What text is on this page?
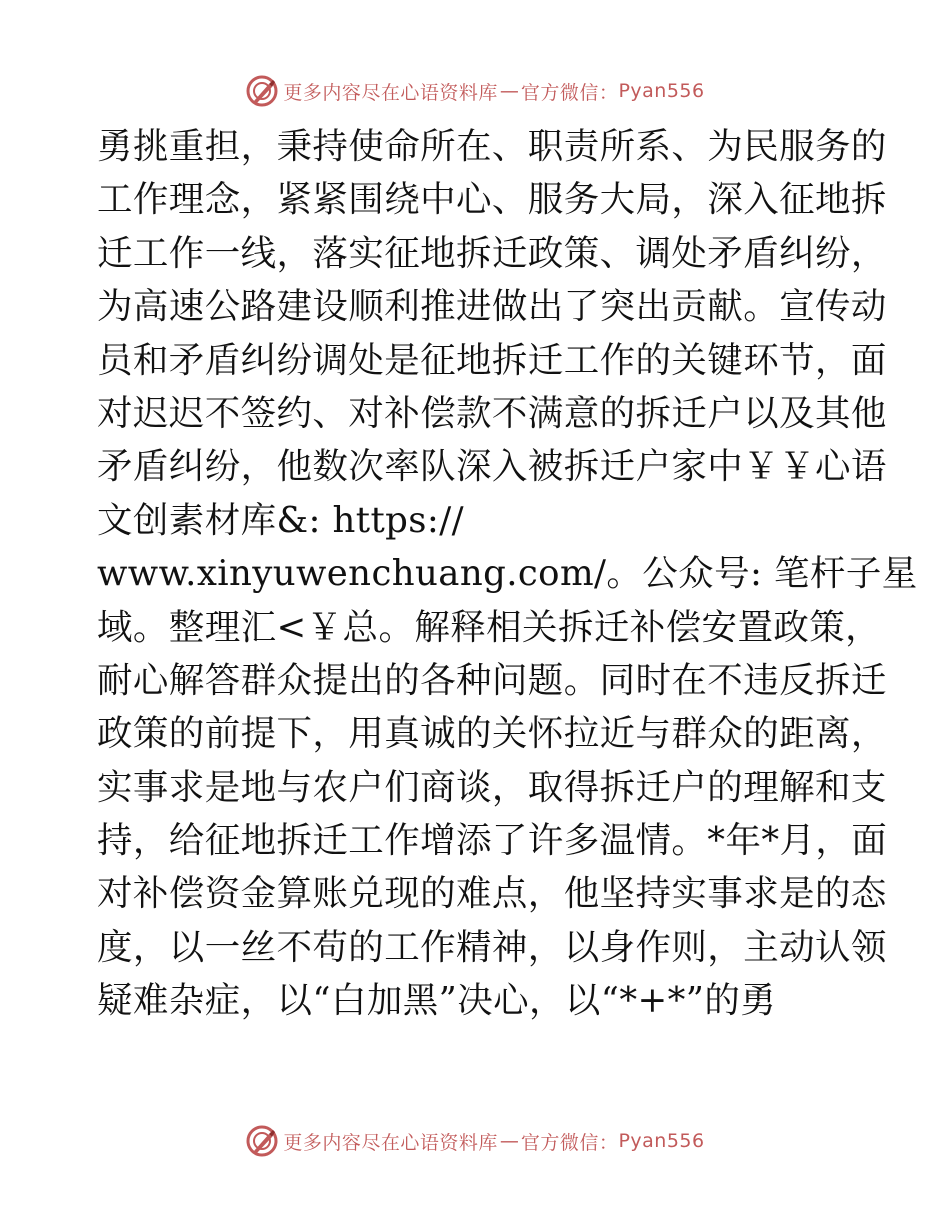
更多内容尽在心语资料库 — 官方微信： Pyan556
勇挑重担，秉持使命所在、职责所系、为民服务的
工作理念，紧紧围绕中心、服务大局，深入征地拆
迁工作一线，落实征地拆迁政策、调处矛盾纠纷，
为高速公路建设顺利推进做出了突出贡献。宣传动
员和矛盾纠纷调处是征地拆迁工作的关键环节，面
对迟迟不签约、对补偿款不满意的拆迁户以及其他
矛盾纠纷，他数次率队深入被拆迁户家中￥￥心语
文创素材库&: https://
www.xinyuwenchuang.com/。公众号: 笔杆子星
域。整理汇<￥总。解释相关拆迁补偿安置政策，
耐心解答群众提出的各种问题。同时在不违反拆迁
政策的前提下，用真诚的关怀拉近与群众的距离，
实事求是地与农户们商谈，取得拆迁户的理解和支
持，给征地拆迁工作增添了许多温情。*年*月，面
对补偿资金算账兑现的难点，他坚持实事求是的态
度，以一丝不苟的工作精神，以身作则，主动认领
疑难杂症，以“白加黑”决心，以“*+*”的勇
更多内容尽在心语资料库 — 官方微信： Pyan556
